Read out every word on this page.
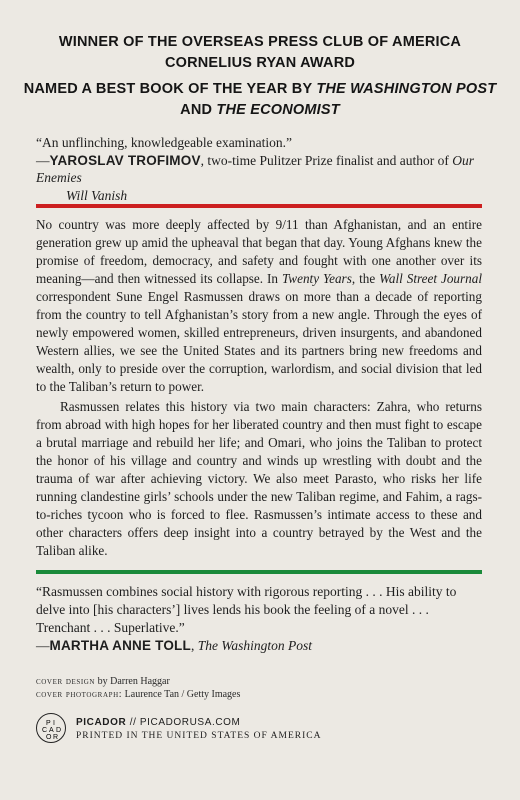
WINNER OF THE OVERSEAS PRESS CLUB OF AMERICA
CORNELIUS RYAN AWARD
NAMED A BEST BOOK OF THE YEAR BY THE WASHINGTON POST
AND THE ECONOMIST
“An unflinching, knowledgeable examination.”
—YAROSLAV TROFIMOV, two-time Pulitzer Prize finalist and author of Our Enemies
Will Vanish

No country was more deeply affected by 9/11 than Afghanistan, and an entire generation grew up amid the upheaval that began that day. Young Afghans knew the promise of freedom, democracy, and safety and fought with one another over its meaning—and then witnessed its collapse. In Twenty Years, the Wall Street Journal correspondent Sune Engel Rasmussen draws on more than a decade of reporting from the country to tell Afghanistan’s story from a new angle. Through the eyes of newly empowered women, skilled entrepreneurs, driven insurgents, and abandoned Western allies, we see the United States and its partners bring new freedoms and wealth, only to preside over the corruption, warlordism, and social division that led to the Taliban’s return to power.

Rasmussen relates this history via two main characters: Zahra, who returns from abroad with high hopes for her liberated country and then must fight to escape a brutal marriage and rebuild her life; and Omari, who joins the Taliban to protect the honor of his village and country and winds up wrestling with doubt and the trauma of war after achieving victory. We also meet Parasto, who risks her life running clandestine girls’ schools under the new Taliban regime, and Fahim, a rags-to-riches tycoon who is forced to flee. Rasmussen’s intimate access to these and other characters offers deep insight into a country betrayed by the West and the Taliban alike.

“Rasmussen combines social history with rigorous reporting . . . His ability to delve into [his characters’] lives lends his book the feeling of a novel . . . Trenchant . . . Superlative.”
—MARTHA ANNE TOLL, The Washington Post
cover design by Darren Haggar
cover photograph: Laurence Tan / Getty Images
P I
C A D
O R
PICADOR // PICADORUSA.COM
PRINTED IN THE UNITED STATES OF AMERICA
